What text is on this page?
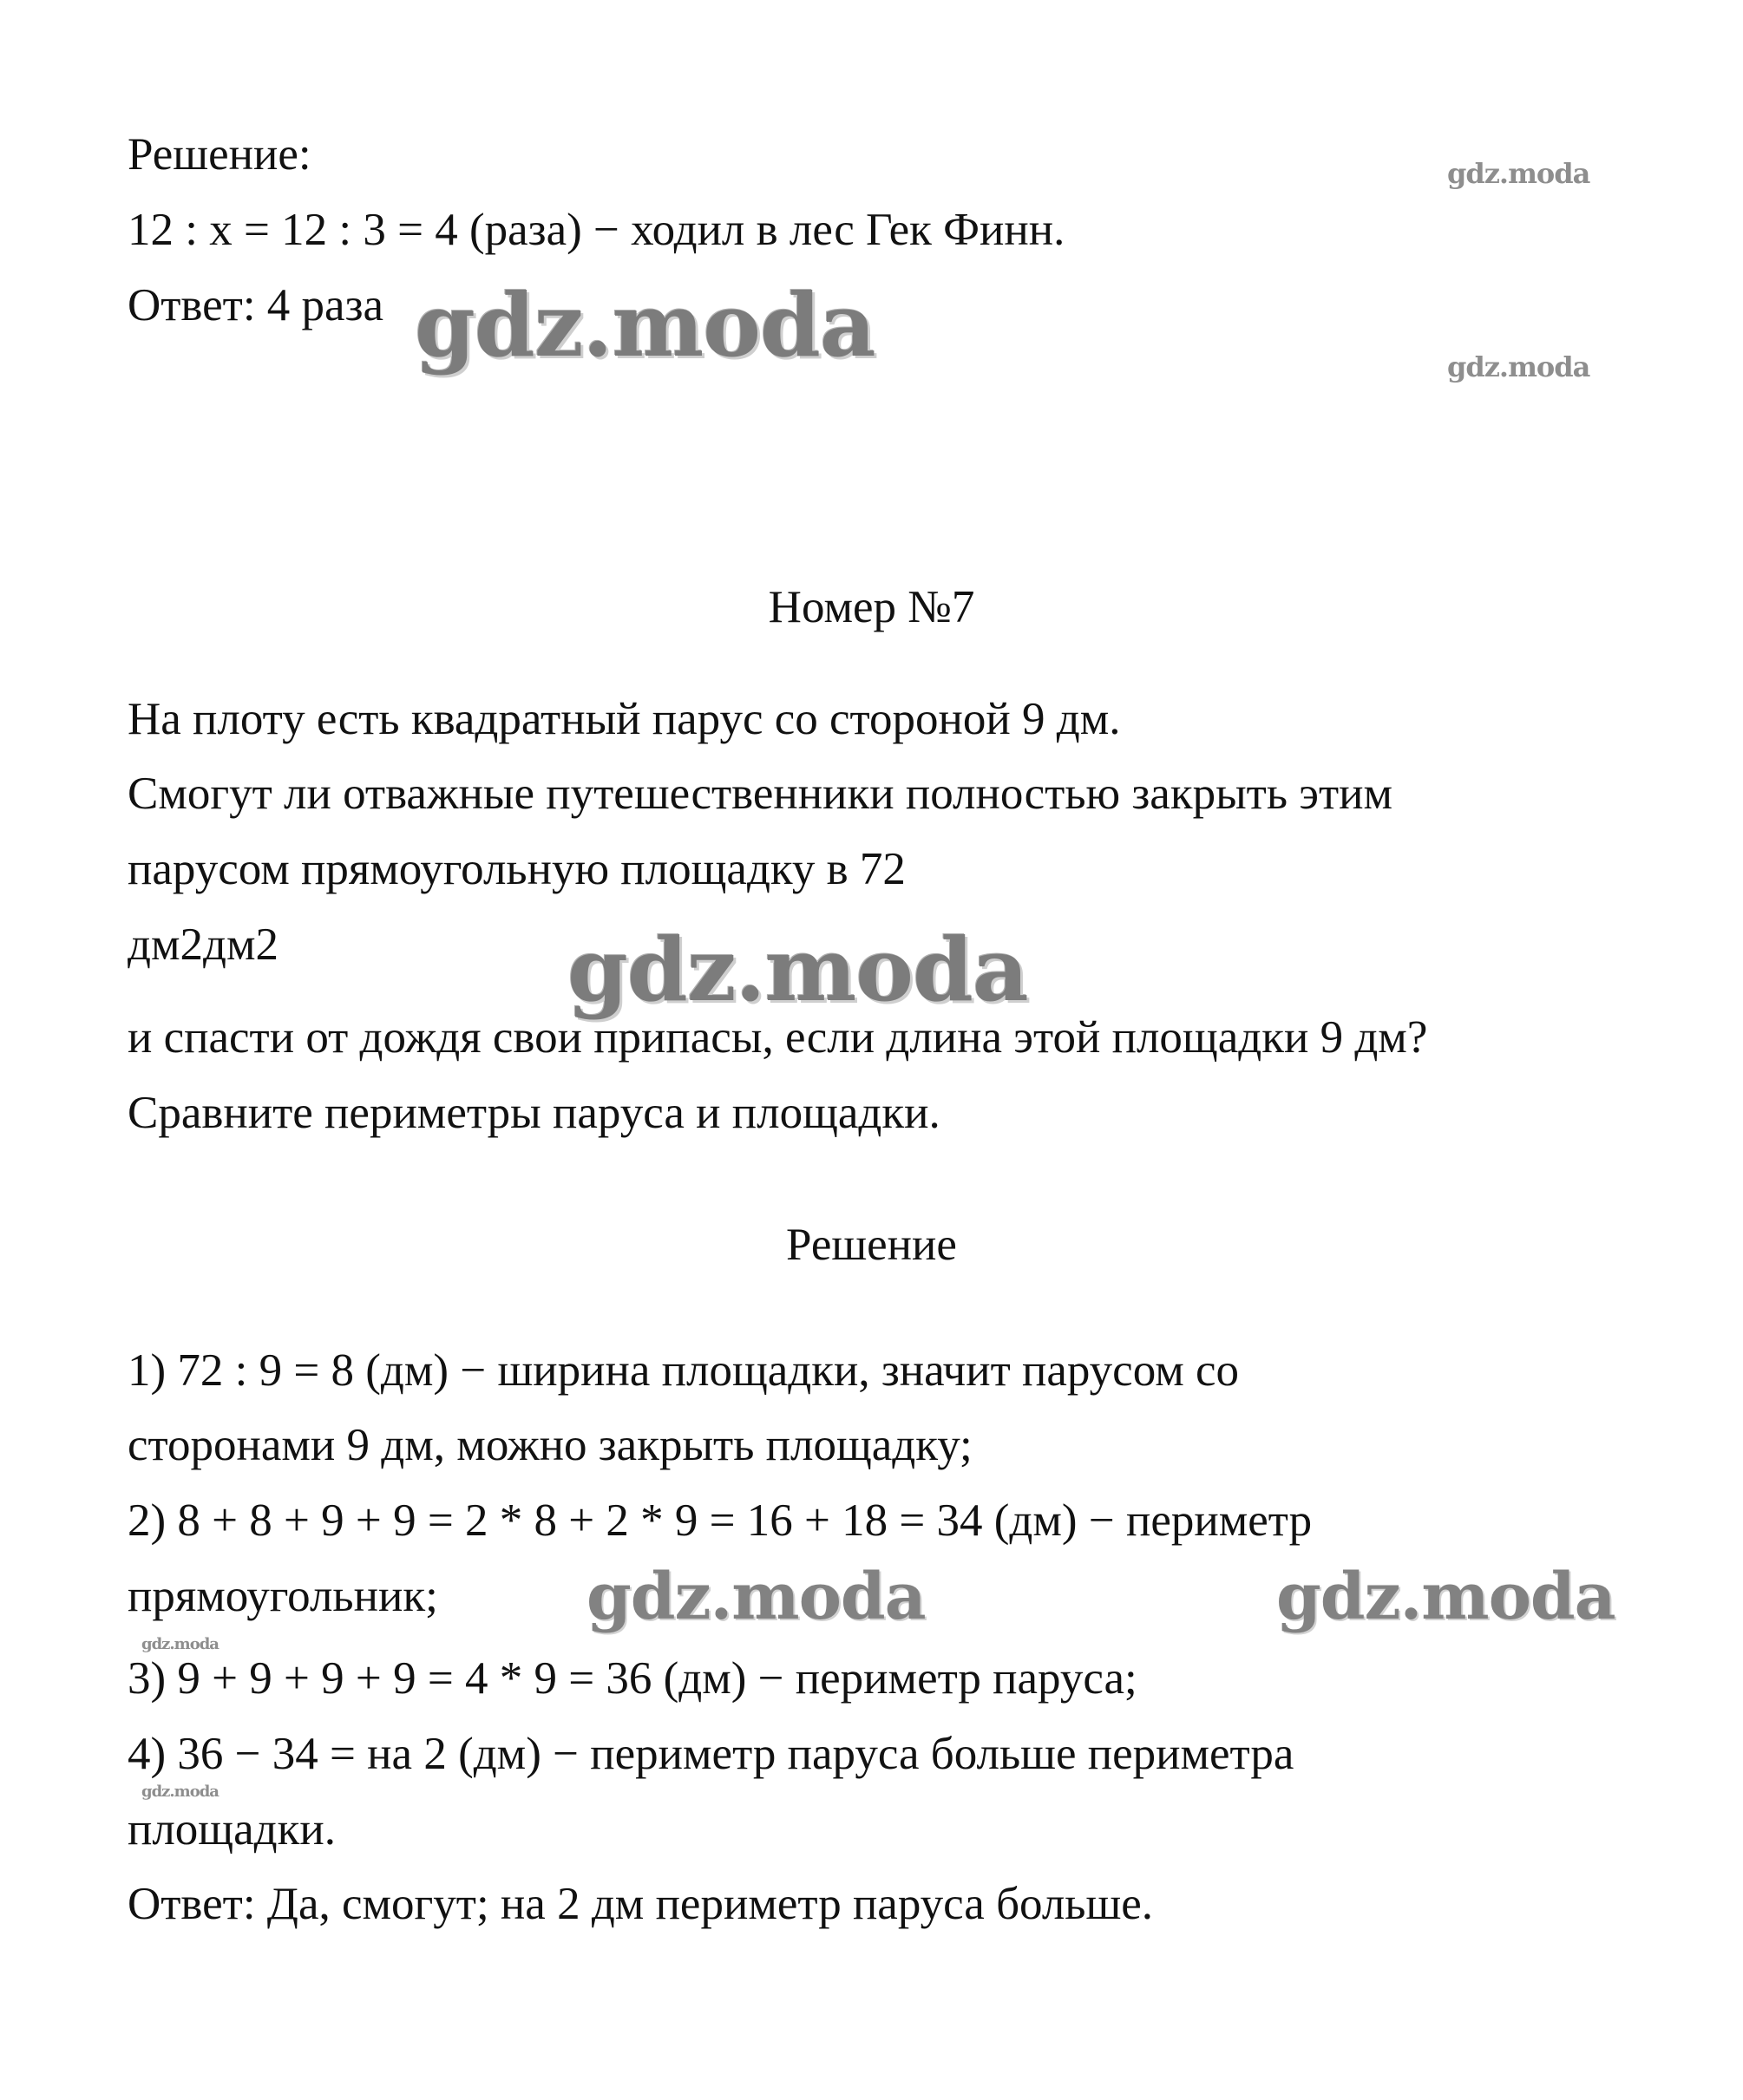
Решение:
12 : х = 12 : 3 = 4 (раза) − ходил в лес Гек Финн.
Ответ: 4 раза
Номер №7
На плоту есть квадратный парус со стороной 9 дм.
Смогут ли отважные путешественники полностью закрыть этим
парусом прямоугольную площадку в 72
дм2дм2
и спасти от дождя свои припасы, если длина этой площадки 9 дм?
Сравните периметры паруса и площадки.
Решение
1) 72 : 9 = 8 (дм) − ширина площадки, значит парусом со
сторонами 9 дм, можно закрыть площадку;
2) 8 + 8 + 9 + 9 = 2 * 8 + 2 * 9 = 16 + 18 = 34 (дм) − периметр
прямоугольник;
3) 9 + 9 + 9 + 9 = 4 * 9 = 36 (дм) − периметр паруса;
4) 36 − 34 = на 2 (дм) − периметр паруса больше периметра
площадки.
Ответ: Да, смогут; на 2 дм периметр паруса больше.
gdz.moda
gdz.moda
gdz.moda
gdz.moda
gdz.moda	gdz.moda
gdz.moda
gdz.moda
